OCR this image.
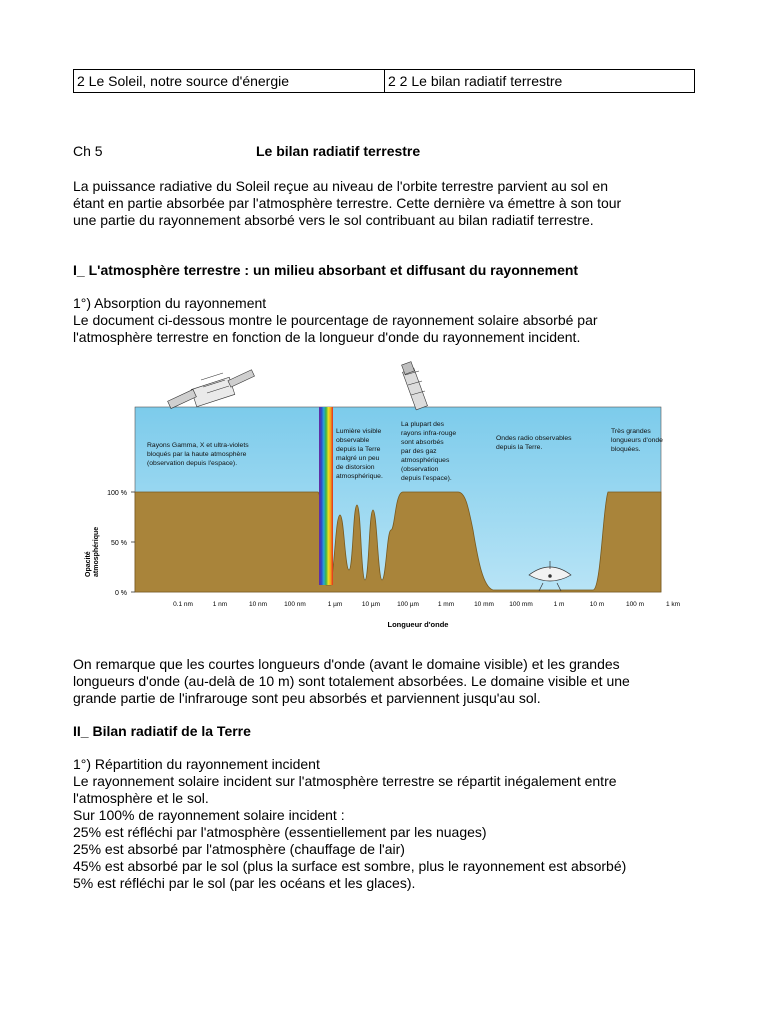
2 Le Soleil, notre source d'énergie	2 2 Le bilan radiatif terrestre
Ch 5	Le bilan radiatif terrestre
La puissance radiative du Soleil reçue au niveau de l'orbite terrestre parvient au sol en
étant en partie absorbée par l'atmosphère terrestre. Cette dernière va émettre à son tour
une partie du rayonnement absorbé vers le sol contribuant au bilan radiatif terrestre.
I_ L'atmosphère terrestre : un milieu absorbant et diffusant du rayonnement
1°) Absorption du rayonnement
Le document ci-dessous montre le pourcentage de rayonnement solaire absorbé par
l'atmosphère terrestre en fonction de la longueur d'onde du rayonnement incident.
100 %
50 %
0 %
Opacité atmosphérique
0.1 nm	1 nm	10 nm	100 nm	1 µm	10 µm	100 µm	1 mm	10 mm 100 mm	1 m	10 m	100 m	1 km
Longueur d'onde
Rayons Gamma, X et ultra-violets
bloqués par la haute atmosphère
(observation depuis l'espace).
Lumière visible
observable
depuis la Terre
malgré un peu
de distorsion
atmosphérique.
La plupart des
rayons infra-rouge
sont absorbés
par des gaz
atmosphériques
(observation
depuis l'espace).
Ondes radio observables
depuis la Terre.
Très grandes
longueurs d'onde
bloquées.
On remarque que les courtes longueurs d'onde (avant le domaine visible) et les grandes
longueurs d'onde (au-delà de 10 m) sont totalement absorbées. Le domaine visible et une
grande partie de l'infrarouge sont peu absorbés et parviennent jusqu'au sol.
II_ Bilan radiatif de la Terre
1°) Répartition du rayonnement incident
Le rayonnement solaire incident sur l'atmosphère terrestre se répartit inégalement entre
l'atmosphère et le sol.
Sur 100% de rayonnement solaire incident :
25% est réfléchi par l'atmosphère (essentiellement par les nuages)
25% est absorbé par l'atmosphère (chauffage de l'air)
45% est absorbé par le sol (plus la surface est sombre, plus le rayonnement est absorbé)
5% est réfléchi par le sol (par les océans et les glaces).
